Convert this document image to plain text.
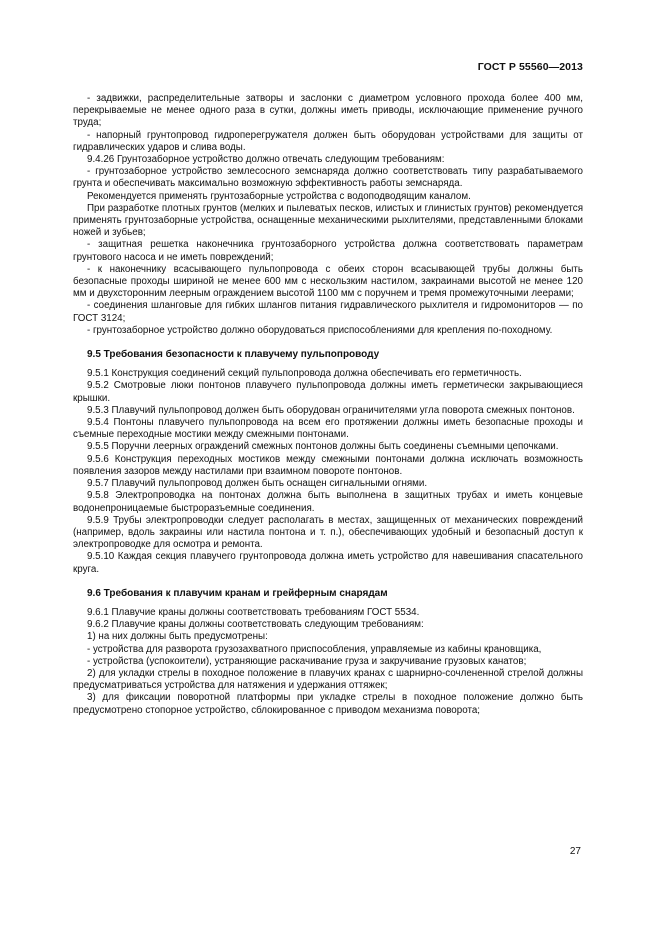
ГОСТ Р 55560—2013

- задвижки, распределительные затворы и заслонки с диаметром условного прохода более 400 мм, перекрываемые не менее одного раза в сутки, должны иметь приводы, исключающие применение ручного труда;

- напорный грунтопровод гидроперегружателя должен быть оборудован устройствами для защиты от гидравлических ударов и слива воды.

9.4.26 Грунтозаборное устройство должно отвечать следующим требованиям:

- грунтозаборное устройство землесосного земснаряда должно соответствовать типу разрабатываемого грунта и обеспечивать максимально возможную эффективность работы земснаряда.

Рекомендуется применять грунтозаборные устройства с водоподводящим каналом.

При разработке плотных грунтов (мелких и пылеватых песков, илистых и глинистых грунтов) рекомендуется применять грунтозаборные устройства, оснащенные механическими рыхлителями, представленными блоками ножей и зубьев;

- защитная решетка наконечника грунтозаборного устройства должна соответствовать параметрам грунтового насоса и не иметь повреждений;

- к наконечнику всасывающего пульпопровода с обеих сторон всасывающей трубы должны быть безопасные проходы шириной не менее 600 мм с нескользким настилом, закраинами высотой не менее 120 мм и двухсторонним леерным ограждением высотой 1100 мм с поручнем и тремя промежуточными леерами;

- соединения шланговые для гибких шлангов питания гидравлического рыхлителя и гидромониторов — по ГОСТ 3124;

- грунтозаборное устройство должно оборудоваться приспособлениями для крепления по-походному.

9.5 Требования безопасности к плавучему пульпопроводу

9.5.1 Конструкция соединений секций пульпопровода должна обеспечивать его герметичность.

9.5.2 Смотровые люки понтонов плавучего пульпопровода должны иметь герметически закрывающиеся крышки.

9.5.3 Плавучий пульпопровод должен быть оборудован ограничителями угла поворота смежных понтонов.

9.5.4 Понтоны плавучего пульпопровода на всем его протяжении должны иметь безопасные проходы и съемные переходные мостики между смежными понтонами.

9.5.5 Поручни леерных ограждений смежных понтонов должны быть соединены съемными цепочками.

9.5.6 Конструкция переходных мостиков между смежными понтонами должна исключать возможность появления зазоров между настилами при взаимном повороте понтонов.

9.5.7 Плавучий пульпопровод должен быть оснащен сигнальными огнями.

9.5.8 Электропроводка на понтонах должна быть выполнена в защитных трубах и иметь концевые водонепроницаемые быстроразъемные соединения.

9.5.9 Трубы электропроводки следует располагать в местах, защищенных от механических повреждений (например, вдоль закраины или настила понтона и т. п.), обеспечивающих удобный и безопасный доступ к электропроводке для осмотра и ремонта.

9.5.10 Каждая секция плавучего грунтопровода должна иметь устройство для навешивания спасательного круга.

9.6 Требования к плавучим кранам и грейферным снарядам

9.6.1 Плавучие краны должны соответствовать требованиям ГОСТ 5534.

9.6.2 Плавучие краны должны соответствовать следующим требованиям:

1) на них должны быть предусмотрены:

- устройства для разворота грузозахватного приспособления, управляемые из кабины крановщика,

- устройства (успокоители), устраняющие раскачивание груза и закручивание грузовых канатов;

2) для укладки стрелы в походное положение в плавучих кранах с шарнирно-сочлененной стрелой должны предусматриваться устройства для натяжения и удержания оттяжек;

3) для фиксации поворотной платформы при укладке стрелы в походное положение должно быть предусмотрено стопорное устройство, сблокированное с приводом механизма поворота;

27
